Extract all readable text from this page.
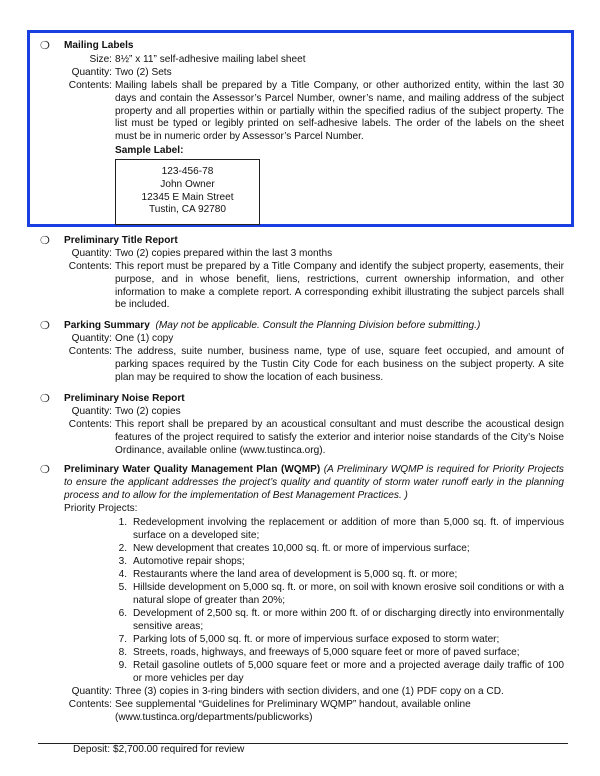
❍ Mailing Labels
Size: 8½” x 11” self-adhesive mailing label sheet
Quantity: Two (2) Sets
Contents: Mailing labels shall be prepared by a Title Company, or other authorized entity, within the last 30 days and contain the Assessor’s Parcel Number, owner’s name, and mailing address of the subject property and all properties within or partially within the specified radius of the subject property. The list must be typed or legibly printed on self-adhesive labels. The order of the labels on the sheet must be in numeric order by Assessor’s Parcel Number.
Sample Label:
123-456-78
John Owner
12345 E Main Street
Tustin, CA 92780
❍ Preliminary Title Report
Quantity: Two (2) copies prepared within the last 3 months
Contents: This report must be prepared by a Title Company and identify the subject property, easements, their purpose, and in whose benefit, liens, restrictions, current ownership information, and other information to make a complete report. A corresponding exhibit illustrating the subject parcels shall be included.
❍ Parking Summary (May not be applicable. Consult the Planning Division before submitting.)
Quantity: One (1) copy
Contents: The address, suite number, business name, type of use, square feet occupied, and amount of parking spaces required by the Tustin City Code for each business on the subject property. A site plan may be required to show the location of each business.
❍ Preliminary Noise Report
Quantity: Two (2) copies
Contents: This report shall be prepared by an acoustical consultant and must describe the acoustical design features of the project required to satisfy the exterior and interior noise standards of the City’s Noise Ordinance, available online (www.tustinca.org).
❍ Preliminary Water Quality Management Plan (WQMP) (A Preliminary WQMP is required for Priority Projects to ensure the applicant addresses the project’s quality and quantity of storm water runoff early in the planning process and to allow for the implementation of Best Management Practices. )
Priority Projects:
1. Redevelopment involving the replacement or addition of more than 5,000 sq. ft. of impervious surface on a developed site;
2. New development that creates 10,000 sq. ft. or more of impervious surface;
3. Automotive repair shops;
4. Restaurants where the land area of development is 5,000 sq. ft. or more;
5. Hillside development on 5,000 sq. ft. or more, on soil with known erosive soil conditions or with a natural slope of greater than 20%;
6. Development of 2,500 sq. ft. or more within 200 ft. of or discharging directly into environmentally sensitive areas;
7. Parking lots of 5,000 sq. ft. or more of impervious surface exposed to storm water;
8. Streets, roads, highways, and freeways of 5,000 square feet or more of paved surface;
9. Retail gasoline outlets of 5,000 square feet or more and a projected average daily traffic of 100 or more vehicles per day
Quantity: Three (3) copies in 3-ring binders with section dividers, and one (1) PDF copy on a CD.
Contents: See supplemental “Guidelines for Preliminary WQMP” handout, available online
(www.tustinca.org/departments/publicworks)
Deposit: $2,700.00 required for review
